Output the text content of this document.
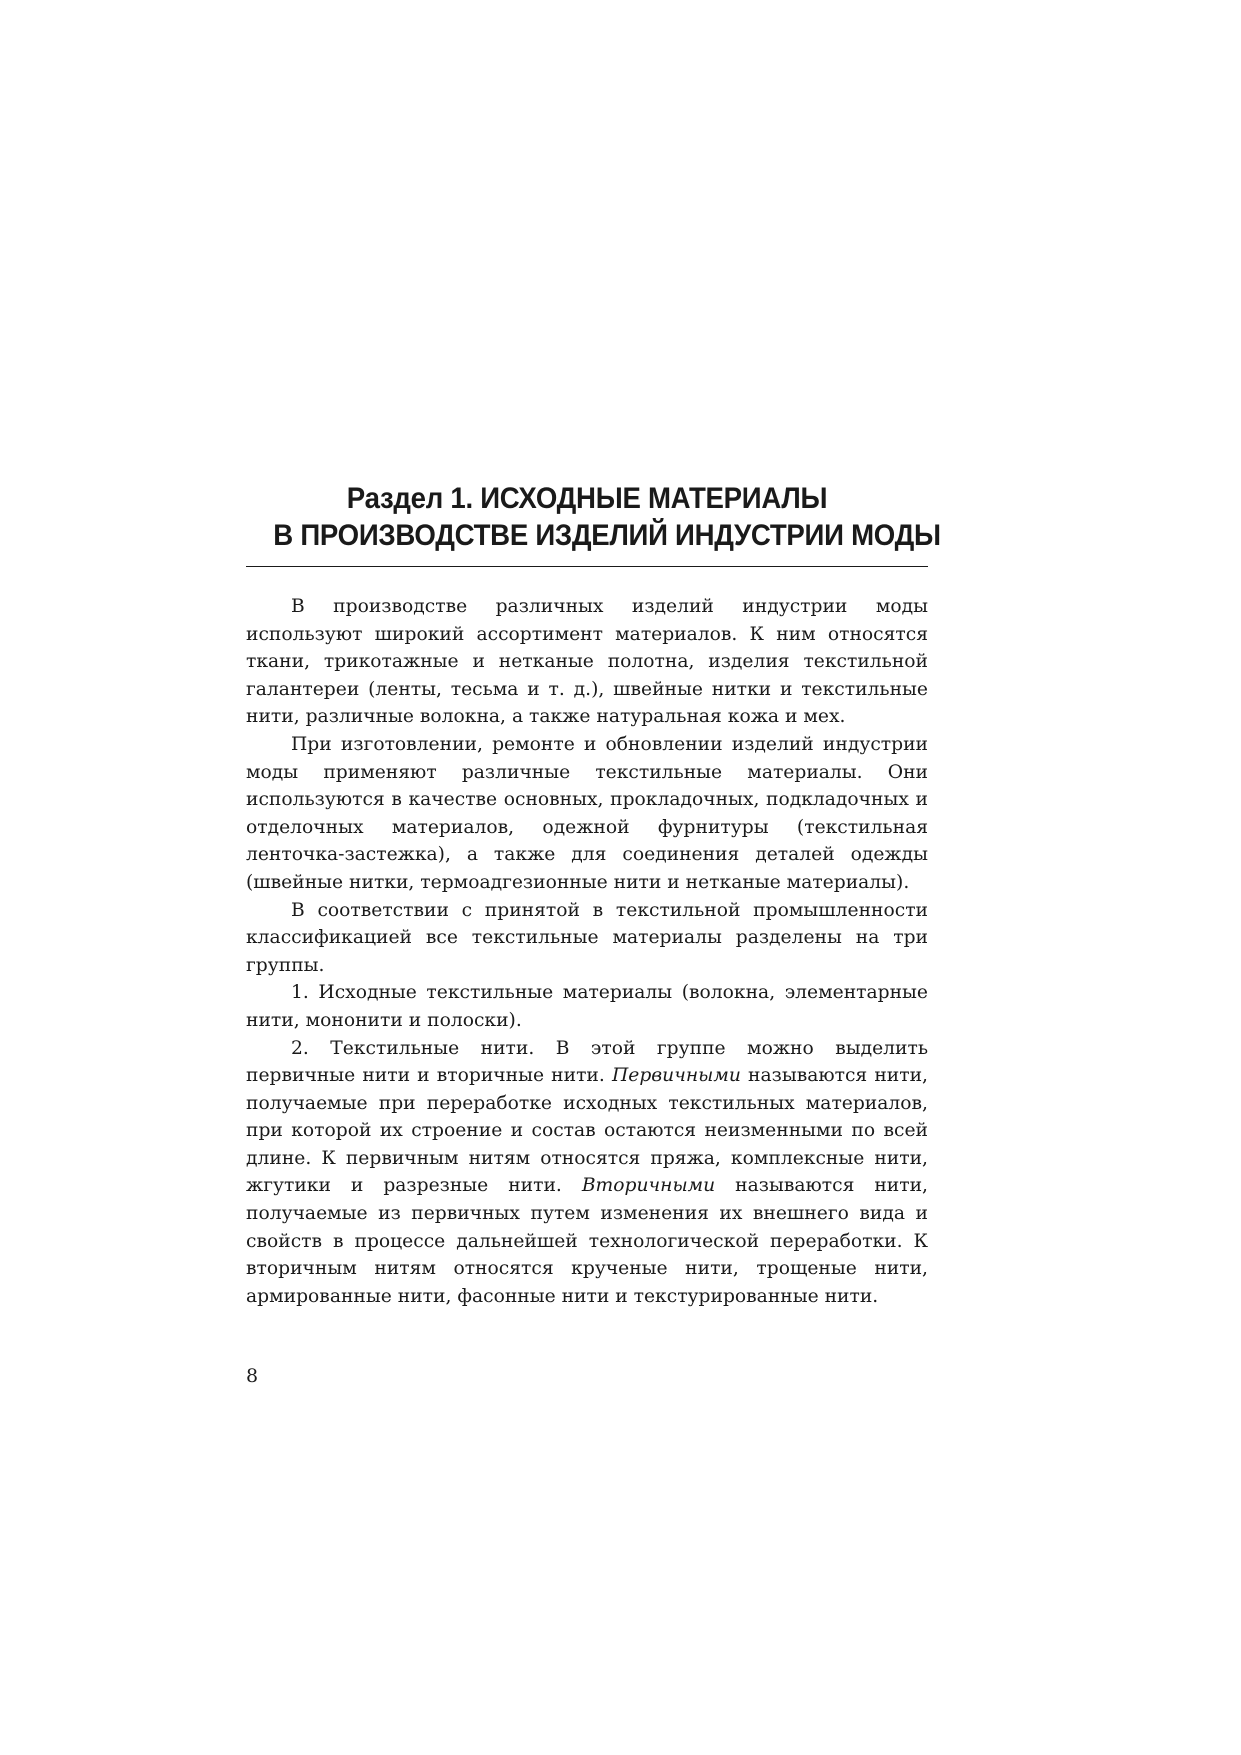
Раздел 1. ИСХОДНЫЕ МАТЕРИАЛЫ
В ПРОИЗВОДСТВЕ ИЗДЕЛИЙ ИНДУСТРИИ МОДЫ

В производстве различных изделий индустрии моды используют широкий ассортимент материалов. К ним относятся ткани, трикотажные и нетканые полотна, изделия текстильной галантереи (ленты, тесьма и т. д.), швейные нитки и текстильные нити, различные волокна, а также натуральная кожа и мех.

При изготовлении, ремонте и обновлении изделий индустрии моды применяют различные текстильные материалы. Они используются в качестве основных, прокладочных, подкладочных и отделочных материалов, одежной фурнитуры (текстильная ленточка-застежка), а также для соединения деталей одежды (швейные нитки, термоадгезионные нити и нетканые материалы).

В соответствии с принятой в текстильной промышленности классификацией все текстильные материалы разделены на три группы.

1. Исходные текстильные материалы (волокна, элементарные нити, мононити и полоски).

2. Текстильные нити. В этой группе можно выделить первичные нити и вторичные нити. Первичными называются нити, получаемые при переработке исходных текстильных материалов, при которой их строение и состав остаются неизменными по всей длине. К первичным нитям относятся пряжа, комплексные нити, жгутики и разрезные нити. Вторичными называются нити, получаемые из первичных путем изменения их внешнего вида и свойств в процессе дальнейшей технологической переработки. К вторичным нитям относятся крученые нити, трощеные нити, армированные нити, фасонные нити и текстурированные нити.

8
